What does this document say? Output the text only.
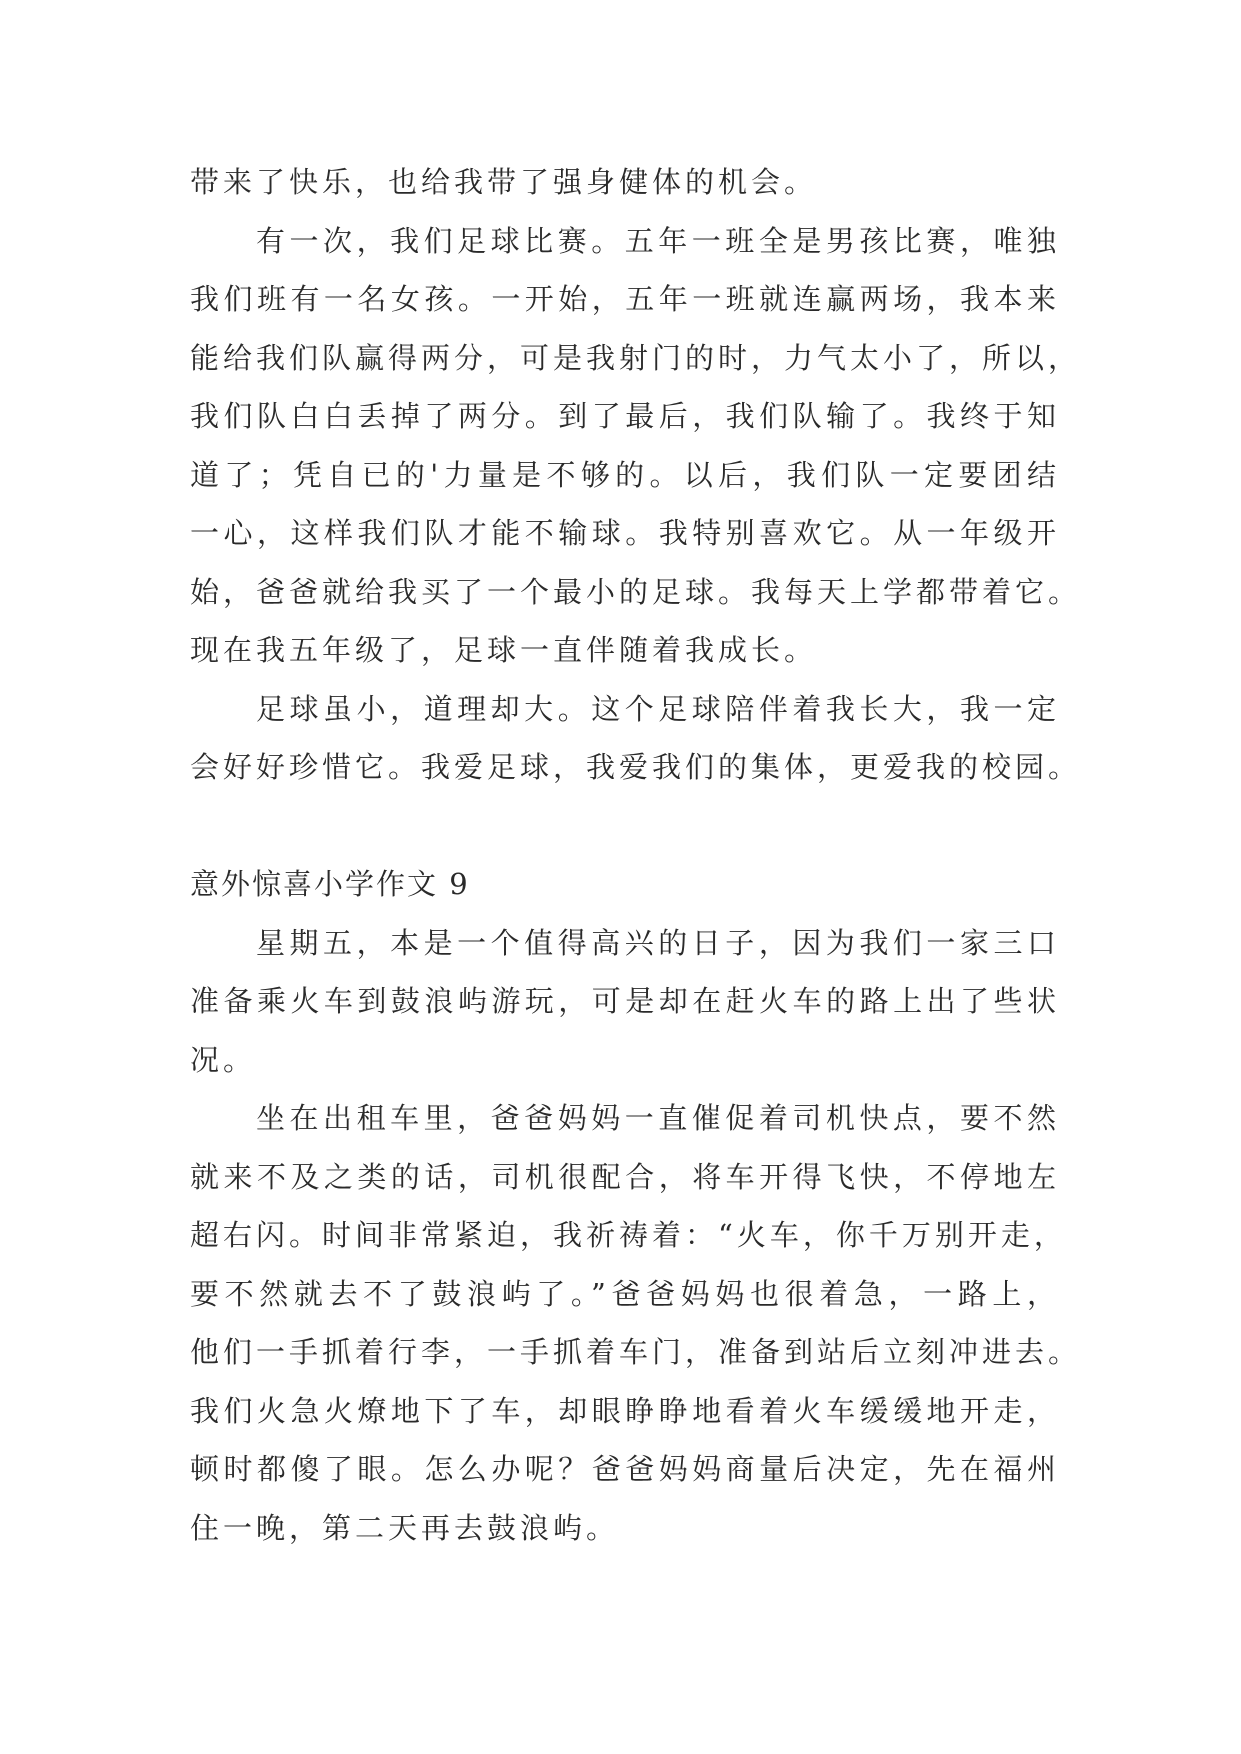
带来了快乐，也给我带了强身健体的机会。
有一次，我们足球比赛。五年一班全是男孩比赛，唯独
我们班有一名女孩。一开始，五年一班就连赢两场，我本来
能给我们队赢得两分，可是我射门的时，力气太小了，所以，
我们队白白丢掉了两分。到了最后，我们队输了。我终于知
道了；凭自已的'力量是不够的。以后，我们队一定要团结
一心，这样我们队才能不输球。我特别喜欢它。从一年级开
始，爸爸就给我买了一个最小的足球。我每天上学都带着它。
现在我五年级了，足球一直伴随着我成长。
足球虽小，道理却大。这个足球陪伴着我长大，我一定
会好好珍惜它。我爱足球，我爱我们的集体，更爱我的校园。
意外惊喜小学作文 9
星期五，本是一个值得高兴的日子，因为我们一家三口
准备乘火车到鼓浪屿游玩，可是却在赶火车的路上出了些状
况。
坐在出租车里，爸爸妈妈一直催促着司机快点，要不然
就来不及之类的话，司机很配合，将车开得飞快，不停地左
超右闪。时间非常紧迫，我祈祷着：“火车，你千万别开走，
要不然就去不了鼓浪屿了。”爸爸妈妈也很着急，一路上，
他们一手抓着行李，一手抓着车门，准备到站后立刻冲进去。
我们火急火燎地下了车，却眼睁睁地看着火车缓缓地开走，
顿时都傻了眼。怎么办呢？爸爸妈妈商量后决定，先在福州
住一晚，第二天再去鼓浪屿。
